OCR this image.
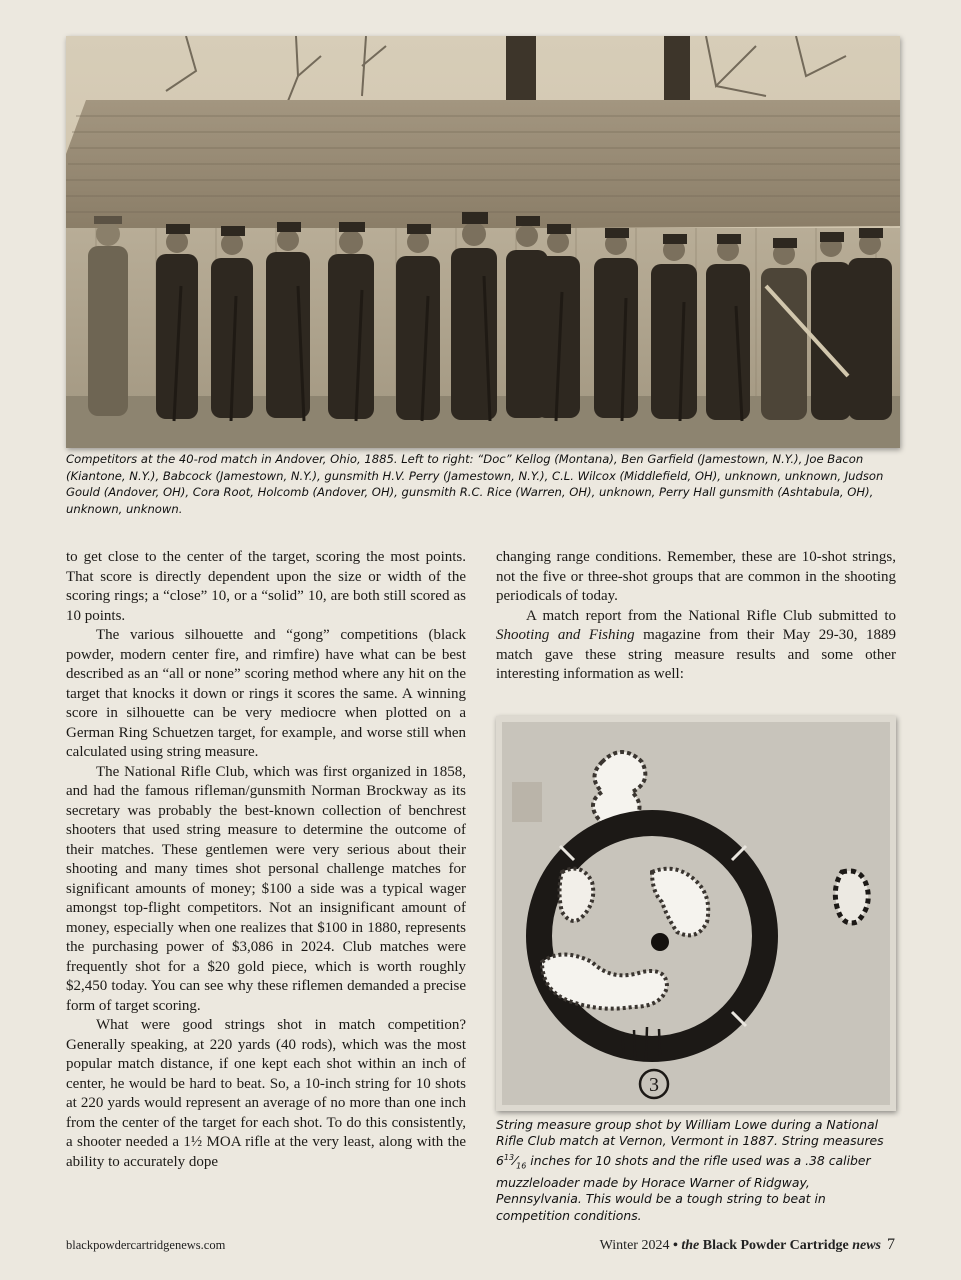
Competitors at the 40-rod match in Andover, Ohio, 1885. Left to right: “Doc” Kellog (Montana), Ben Garfield (Jamestown, N.Y.), Joe Bacon (Kiantone, N.Y.), Babcock (Jamestown, N.Y.), gunsmith H.V. Perry (Jamestown, N.Y.), C.L. Wilcox (Middlefield, OH), unknown, unknown, Judson Gould (Andover, OH), Cora Root, Holcomb (Andover, OH), gunsmith R.C. Rice (Warren, OH), unknown, Perry Hall gunsmith (Ashtabula, OH), unknown, unknown.

to get close to the center of the target, scoring the most points. That score is directly dependent upon the size or width of the scoring rings; a “close” 10, or a “solid” 10, are both still scored as 10 points.

The various silhouette and “gong” competitions (black powder, modern center fire, and rimfire) have what can be best described as an “all or none” scoring method where any hit on the target that knocks it down or rings it scores the same. A winning score in silhouette can be very mediocre when plotted on a German Ring Schuetzen target, for example, and worse still when calculated using string measure.

The National Rifle Club, which was first organized in 1858, and had the famous rifleman/gunsmith Norman Brockway as its secretary was probably the best-known collection of benchrest shooters that used string measure to determine the outcome of their matches. These gentlemen were very serious about their shooting and many times shot personal challenge matches for significant amounts of money; $100 a side was a typical wager amongst top-flight competitors. Not an insignificant amount of money, especially when one realizes that $100 in 1880, represents the purchasing power of $3,086 in 2024. Club matches were frequently shot for a $20 gold piece, which is worth roughly $2,450 today. You can see why these riflemen demanded a precise form of target scoring.

What were good strings shot in match competition? Generally speaking, at 220 yards (40 rods), which was the most popular match distance, if one kept each shot within an inch of center, he would be hard to beat. So, a 10-inch string for 10 shots at 220 yards would represent an average of no more than one inch from the center of the target for each shot. To do this consistently, a shooter needed a 1½ MOA rifle at the very least, along with the ability to accurately dope

changing range conditions. Remember, these are 10-shot strings, not the five or three-shot groups that are common in the shooting periodicals of today.

A match report from the National Rifle Club submitted to Shooting and Fishing magazine from their May 29-30, 1889 match gave these string measure results and some other interesting information as well:

3
String measure group shot by William Lowe during a National Rifle Club match at Vernon, Vermont in 1887. String measures $6^{13}⁄_{16}$ inches for 10 shots and the rifle used was a .38 caliber muzzleloader made by Horace Warner of Ridgway, Pennsylvania. This would be a tough string to beat in competition conditions.
blackpowdercartridgenews.com	Winter 2024 • the Black Powder Cartridge news 7
